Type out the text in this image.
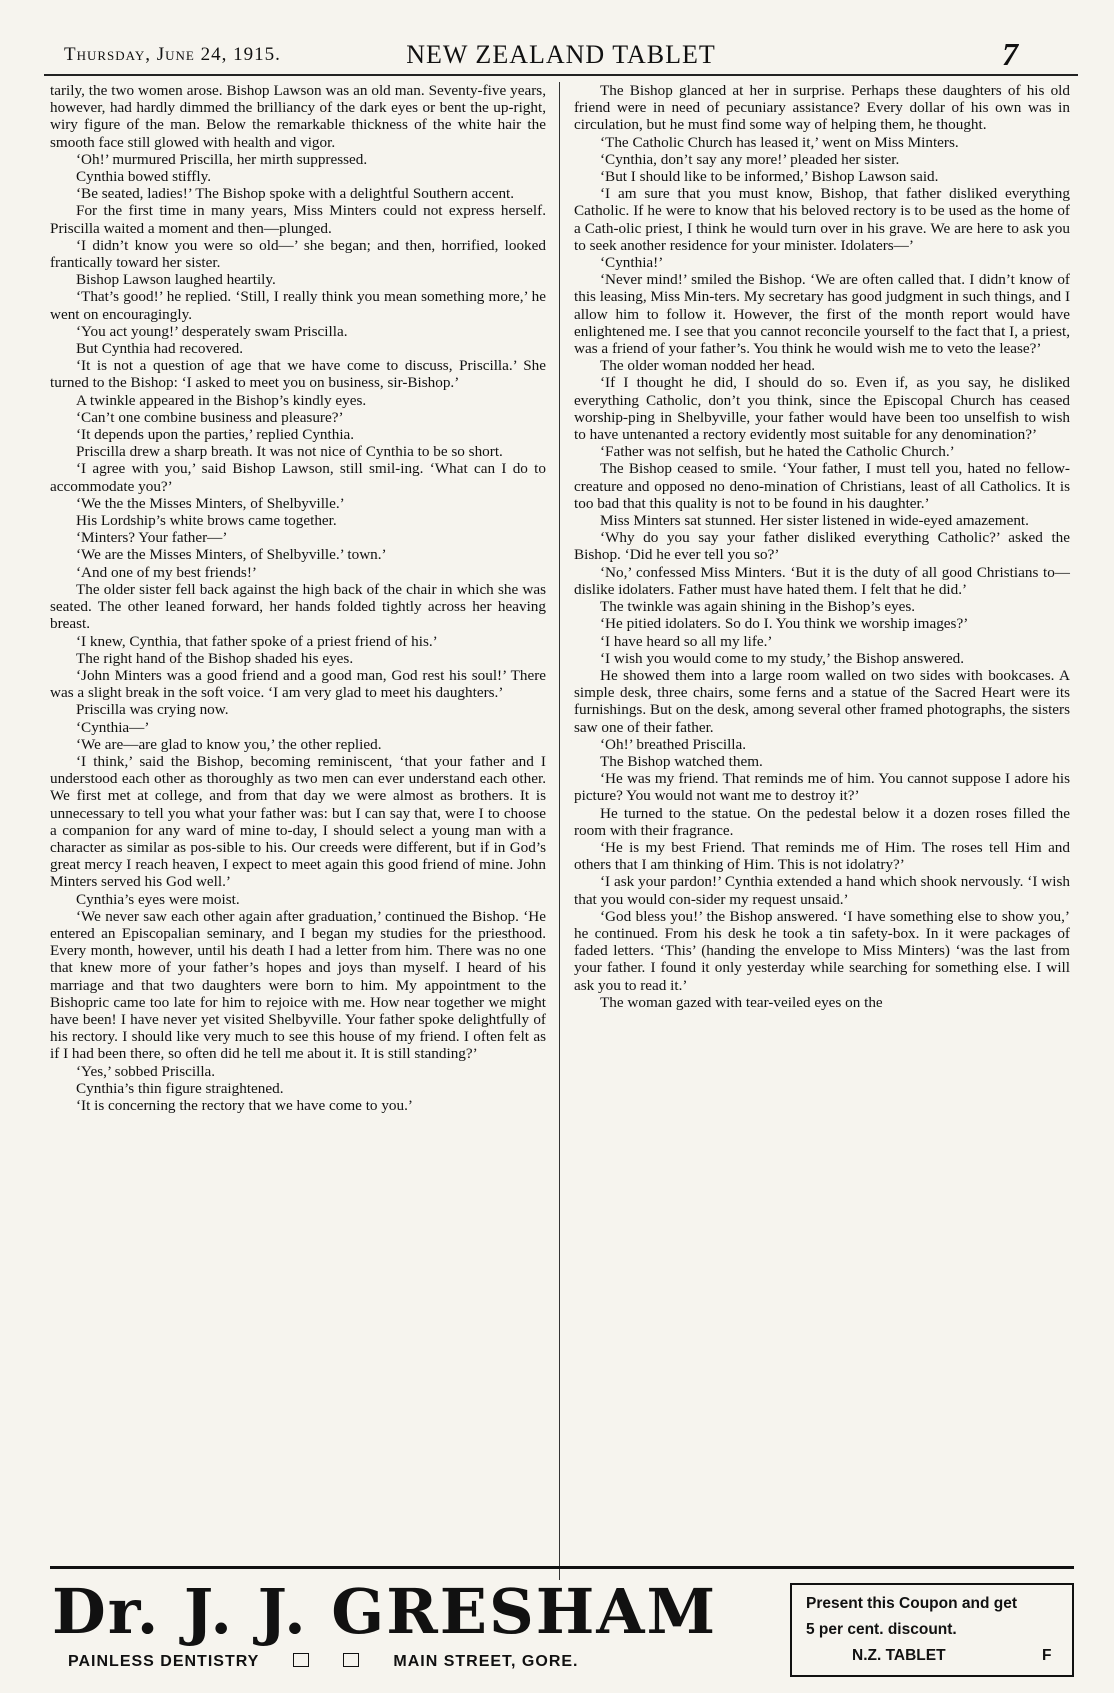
Thursday, June 24, 1915.	NEW ZEALAND TABLET	7

tarily, the two women arose. Bishop Lawson was an old man. Seventy-five years, however, had hardly dimmed the brilliancy of the dark eyes or bent the up-right, wiry figure of the man. Below the remarkable thickness of the white hair the smooth face still glowed with health and vigor.

‘Oh!’ murmured Priscilla, her mirth suppressed.

Cynthia bowed stiffly.

‘Be seated, ladies!’ The Bishop spoke with a delightful Southern accent.

For the first time in many years, Miss Minters could not express herself. Priscilla waited a moment and then—plunged.

‘I didn’t know you were so old—’ she began; and then, horrified, looked frantically toward her sister.

Bishop Lawson laughed heartily.

‘That’s good!’ he replied. ‘Still, I really think you mean something more,’ he went on encouragingly.

‘You act young!’ desperately swam Priscilla.

But Cynthia had recovered.

‘It is not a question of age that we have come to discuss, Priscilla.’ She turned to the Bishop: ‘I asked to meet you on business, sir-Bishop.’

A twinkle appeared in the Bishop’s kindly eyes.

‘Can’t one combine business and pleasure?’

‘It depends upon the parties,’ replied Cynthia.

Priscilla drew a sharp breath. It was not nice of Cynthia to be so short.

‘I agree with you,’ said Bishop Lawson, still smil-ing. ‘What can I do to accommodate you?’

‘We the the Misses Minters, of Shelbyville.’

His Lordship’s white brows came together.

‘Minters? Your father—’

‘We are the Misses Minters, of Shelbyville.’ town.’

‘And one of my best friends!’

The older sister fell back against the high back of the chair in which she was seated. The other leaned forward, her hands folded tightly across her heaving breast.

‘I knew, Cynthia, that father spoke of a priest friend of his.’

The right hand of the Bishop shaded his eyes.

‘John Minters was a good friend and a good man, God rest his soul!’ There was a slight break in the soft voice. ‘I am very glad to meet his daughters.’

Priscilla was crying now.

‘Cynthia—’

‘We are—are glad to know you,’ the other replied.

‘I think,’ said the Bishop, becoming reminiscent, ‘that your father and I understood each other as thoroughly as two men can ever understand each other. We first met at college, and from that day we were almost as brothers. It is unnecessary to tell you what your father was: but I can say that, were I to choose a companion for any ward of mine to-day, I should select a young man with a character as similar as pos-sible to his. Our creeds were different, but if in God’s great mercy I reach heaven, I expect to meet again this good friend of mine. John Minters served his God well.’

Cynthia’s eyes were moist.

‘We never saw each other again after graduation,’ continued the Bishop. ‘He entered an Episcopalian seminary, and I began my studies for the priesthood. Every month, however, until his death I had a letter from him. There was no one that knew more of your father’s hopes and joys than myself. I heard of his marriage and that two daughters were born to him. My appointment to the Bishopric came too late for him to rejoice with me. How near together we might have been! I have never yet visited Shelbyville. Your father spoke delightfully of his rectory. I should like very much to see this house of my friend. I often felt as if I had been there, so often did he tell me about it. It is still standing?’

‘Yes,’ sobbed Priscilla.

Cynthia’s thin figure straightened.

‘It is concerning the rectory that we have come to you.’

The Bishop glanced at her in surprise. Perhaps these daughters of his old friend were in need of pecuniary assistance? Every dollar of his own was in circulation, but he must find some way of helping them, he thought.

‘The Catholic Church has leased it,’ went on Miss Minters.

‘Cynthia, don’t say any more!’ pleaded her sister.

‘But I should like to be informed,’ Bishop Lawson said.

‘I am sure that you must know, Bishop, that father disliked everything Catholic. If he were to know that his beloved rectory is to be used as the home of a Cath-olic priest, I think he would turn over in his grave. We are here to ask you to seek another residence for your minister. Idolaters—’

‘Cynthia!’

‘Never mind!’ smiled the Bishop. ‘We are often called that. I didn’t know of this leasing, Miss Min-ters. My secretary has good judgment in such things, and I allow him to follow it. However, the first of the month report would have enlightened me. I see that you cannot reconcile yourself to the fact that I, a priest, was a friend of your father’s. You think he would wish me to veto the lease?’

The older woman nodded her head.

‘If I thought he did, I should do so. Even if, as you say, he disliked everything Catholic, don’t you think, since the Episcopal Church has ceased worship-ping in Shelbyville, your father would have been too unselfish to wish to have untenanted a rectory evidently most suitable for any denomination?’

‘Father was not selfish, but he hated the Catholic Church.’

The Bishop ceased to smile. ‘Your father, I must tell you, hated no fellow-creature and opposed no deno-mination of Christians, least of all Catholics. It is too bad that this quality is not to be found in his daughter.’

Miss Minters sat stunned. Her sister listened in wide-eyed amazement.

‘Why do you say your father disliked everything Catholic?’ asked the Bishop. ‘Did he ever tell you so?’

‘No,’ confessed Miss Minters. ‘But it is the duty of all good Christians to—dislike idolaters. Father must have hated them. I felt that he did.’

The twinkle was again shining in the Bishop’s eyes.

‘He pitied idolaters. So do I. You think we worship images?’

‘I have heard so all my life.’

‘I wish you would come to my study,’ the Bishop answered.

He showed them into a large room walled on two sides with bookcases. A simple desk, three chairs, some ferns and a statue of the Sacred Heart were its furnishings. But on the desk, among several other framed photographs, the sisters saw one of their father.

‘Oh!’ breathed Priscilla.

The Bishop watched them.

‘He was my friend. That reminds me of him. You cannot suppose I adore his picture? You would not want me to destroy it?’

He turned to the statue. On the pedestal below it a dozen roses filled the room with their fragrance.

‘He is my best Friend. That reminds me of Him. The roses tell Him and others that I am thinking of Him. This is not idolatry?’

‘I ask your pardon!’ Cynthia extended a hand which shook nervously. ‘I wish that you would con-sider my request unsaid.’

‘God bless you!’ the Bishop answered. ‘I have something else to show you,’ he continued. From his desk he took a tin safety-box. In it were packages of faded letters. ‘This’ (handing the envelope to Miss Minters) ‘was the last from your father. I found it only yesterday while searching for something else. I will ask you to read it.’

The woman gazed with tear-veiled eyes on the

Dr. J. J. GRESHAM
PAINLESS DENTISTRY	MAIN STREET, GORE.
Present this Coupon and get
5 per cent. discount.
N.Z. TABLET	F
